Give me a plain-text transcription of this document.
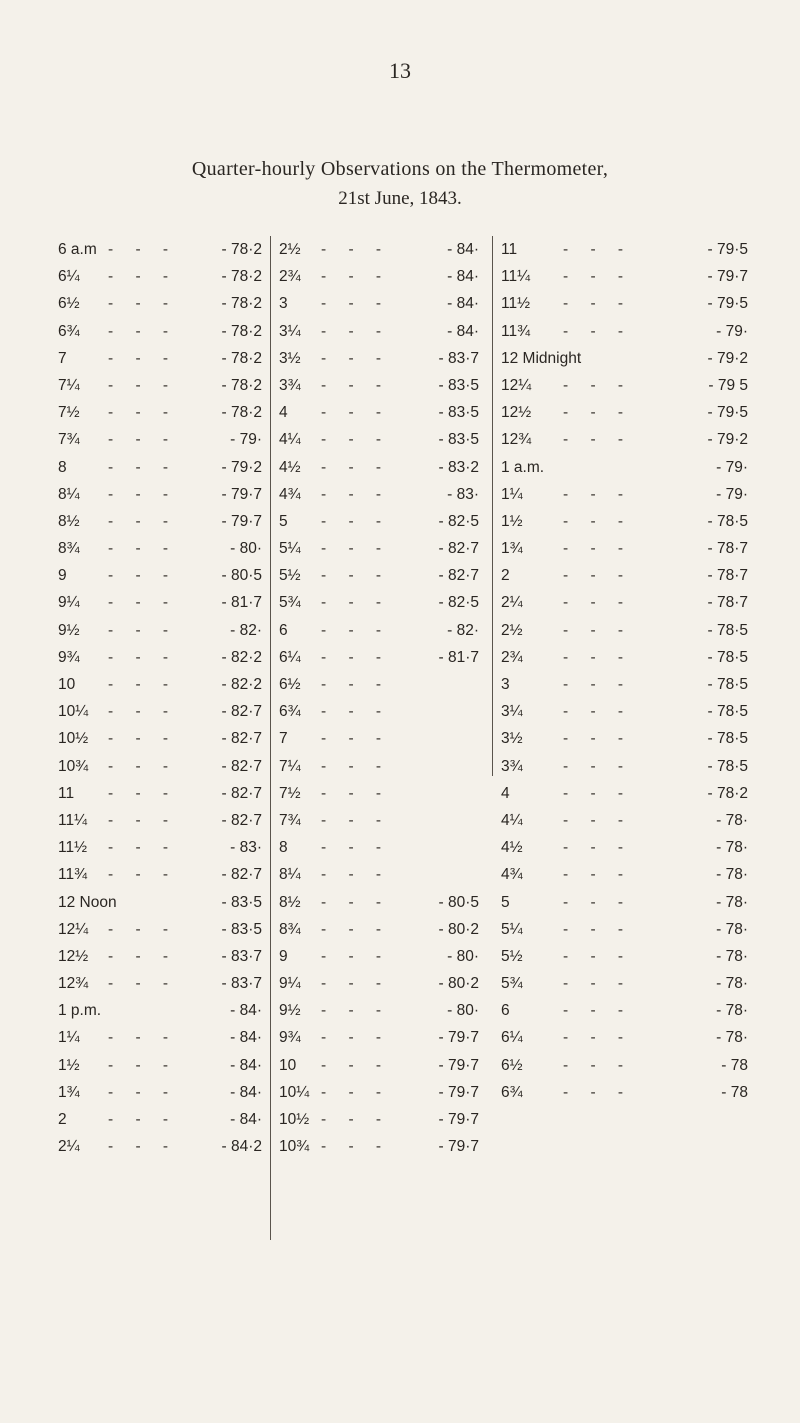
13
Quarter-hourly Observations on the Thermometer,
21st June, 1843.
6 a.m - - -	- 78·2
6¼ - - -	- 78·2
6½ - - -	- 78·2
6¾ - - -	- 78·2
7	- - -	- 78·2
7¼ - - -	- 78·2
7½ - - -	- 78·2
7¾ - - -	- 79·
8	- - -	- 79·2
8¼ - - -	- 79·7
8½ - - -	- 79·7
8¾ - - -	- 80·
9	- - -	- 80·5
9¼ - - -	- 81·7
9½ - - -	- 82·
9¾ - - -	- 82·2
10 - - -	- 82·2
10¼ - - -	- 82·7
10½ - - -	- 82·7
10¾ - - -	- 82·7
11 - - -	- 82·7
11¼ - - -	- 82·7
11½ - - -	- 83·
11¾ - - -	- 82·7
12 Noon	- 83·5
12¼ - - -	- 83·5
12½ - - -	- 83·7
12¾ - - -	- 83·7
1 p.m.	- 84·
1¼ - - -	- 84·
1½ - - -	- 84·
1¾ - - -	- 84·
2	- - -	- 84·
2¼ - - -	- 84·2
2½ - - -	- 84·
2¾ - - -	- 84·
3 - - -	- 84·
3¼ - - -	- 84·
3½ - - -	- 83·7
3¾ - - -	- 83·5
4 - - -	- 83·5
4¼ - - -	- 83·5
4½ - - -	- 83·2
4¾ - - -	- 83·
5 - - -	- 82·5
5¼ - - -	- 82·7
5½ - - -	- 82·7
5¾ - - -	- 82·5
6 - - -	- 82·
6¼ - - -	- 81·7
6½ - - -
6¾ - - -
7 - - -
7¼ - - -
7½ - - -
7¾ - - -
8 - - -
8¼ - - -
8½ - - -	- 80·5
8¾ - - -	- 80·2
9 - - -	- 80·
9¼ - - -	- 80·2
9½ - - -	- 80·
9¾ - - -	- 79·7
10 - - -	- 79·7
10¼ - - -	- 79·7
10½ - - -	- 79·7
10¾ - - -	- 79·7
11	- - -	- 79·5
11¼ - - -	- 79·7
11½ - - -	- 79·5
11¾ - - -	- 79·
12 Midnight	- 79·2
12¼ - - -	- 79 5
12½ - - -	- 79·5
12¾ - - -	- 79·2
1 a.m.	- 79·
1¼	- - -	- 79·
1½	- - -	- 78·5
1¾	- - -	- 78·7
2	- - -	- 78·7
2¼	- - -	- 78·7
2½	- - -	- 78·5
2¾	- - -	- 78·5
3	- - -	- 78·5
3¼	- - -	- 78·5
3½	- - -	- 78·5
3¾	- - -	- 78·5
4	- - -	- 78·2
4¼	- - -	- 78·
4½	- - -	- 78·
4¾	- - -	- 78·
5	- - -	- 78·
5¼	- - -	- 78·
5½	- - -	- 78·
5¾	- - -	- 78·
6	- - -	- 78·
6¼	- - -	- 78·
6½	- - -	- 78
6¾	- - -	- 78
